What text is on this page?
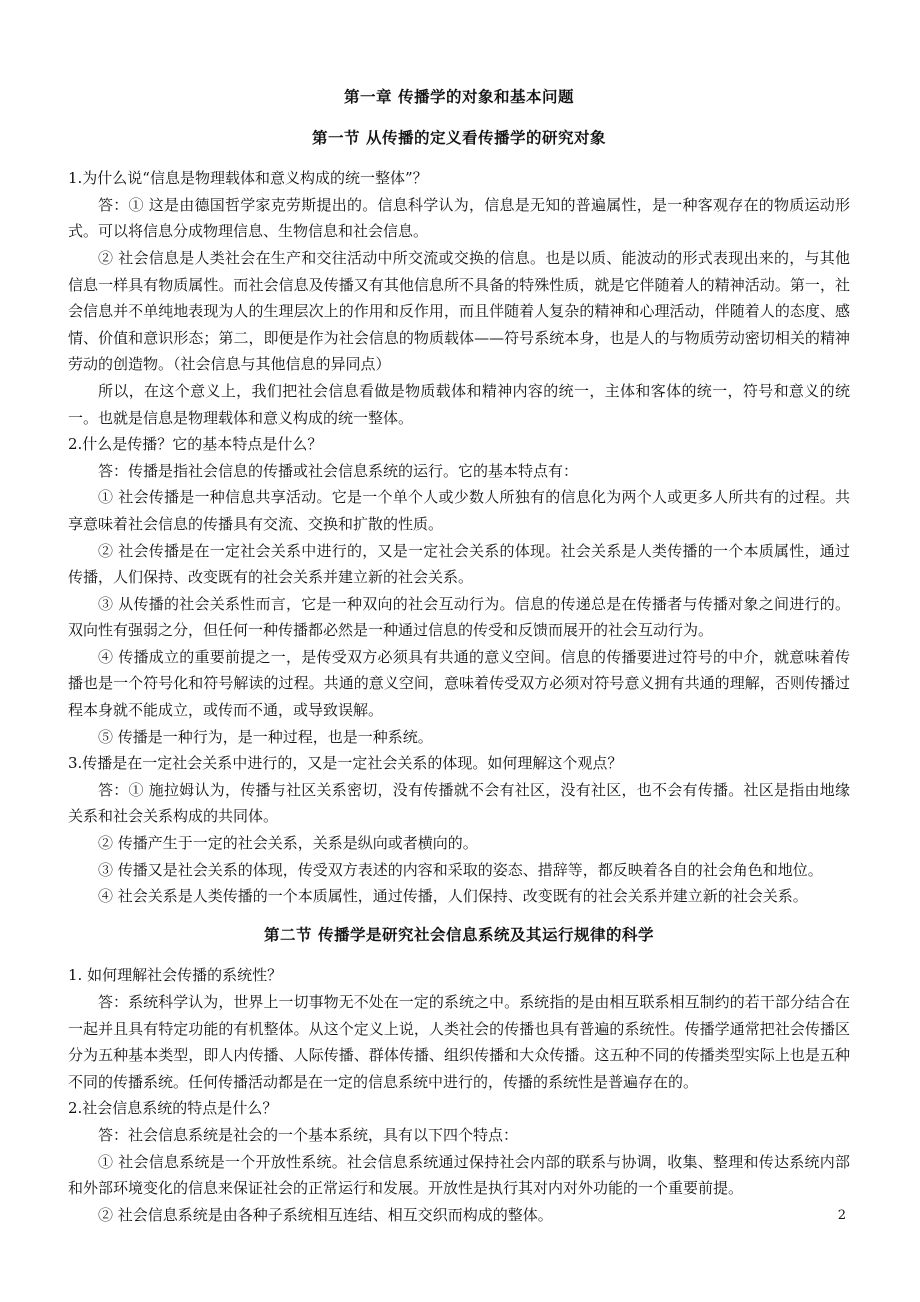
第一章 传播学的对象和基本问题
第一节 从传播的定义看传播学的研究对象

1.为什么说“信息是物理载体和意义构成的统一整体”？

答：① 这是由德国哲学家克劳斯提出的。信息科学认为，信息是无知的普遍属性，是一种客观存在的物质运动形式。可以将信息分成物理信息、生物信息和社会信息。

② 社会信息是人类社会在生产和交往活动中所交流或交换的信息。也是以质、能波动的形式表现出来的，与其他信息一样具有物质属性。而社会信息及传播又有其他信息所不具备的特殊性质，就是它伴随着人的精神活动。第一，社会信息并不单纯地表现为人的生理层次上的作用和反作用，而且伴随着人复杂的精神和心理活动，伴随着人的态度、感情、价值和意识形态；第二，即便是作为社会信息的物质载体——符号系统本身，也是人的与物质劳动密切相关的精神劳动的创造物。（社会信息与其他信息的异同点）

所以，在这个意义上，我们把社会信息看做是物质载体和精神内容的统一，主体和客体的统一，符号和意义的统一。也就是信息是物理载体和意义构成的统一整体。

2.什么是传播？它的基本特点是什么？

答：传播是指社会信息的传播或社会信息系统的运行。它的基本特点有：

① 社会传播是一种信息共享活动。它是一个单个人或少数人所独有的信息化为两个人或更多人所共有的过程。共享意味着社会信息的传播具有交流、交换和扩散的性质。

② 社会传播是在一定社会关系中进行的，又是一定社会关系的体现。社会关系是人类传播的一个本质属性，通过传播，人们保持、改变既有的社会关系并建立新的社会关系。

③ 从传播的社会关系性而言，它是一种双向的社会互动行为。信息的传递总是在传播者与传播对象之间进行的。双向性有强弱之分，但任何一种传播都必然是一种通过信息的传受和反馈而展开的社会互动行为。

④ 传播成立的重要前提之一，是传受双方必须具有共通的意义空间。信息的传播要进过符号的中介，就意味着传播也是一个符号化和符号解读的过程。共通的意义空间，意味着传受双方必须对符号意义拥有共通的理解，否则传播过程本身就不能成立，或传而不通，或导致误解。

⑤ 传播是一种行为，是一种过程，也是一种系统。

3.传播是在一定社会关系中进行的，又是一定社会关系的体现。如何理解这个观点？

答：① 施拉姆认为，传播与社区关系密切，没有传播就不会有社区，没有社区，也不会有传播。社区是指由地缘关系和社会关系构成的共同体。

② 传播产生于一定的社会关系，关系是纵向或者横向的。

③ 传播又是社会关系的体现，传受双方表述的内容和采取的姿态、措辞等，都反映着各自的社会角色和地位。

④ 社会关系是人类传播的一个本质属性，通过传播，人们保持、改变既有的社会关系并建立新的社会关系。

第二节 传播学是研究社会信息系统及其运行规律的科学

1. 如何理解社会传播的系统性？

答：系统科学认为，世界上一切事物无不处在一定的系统之中。系统指的是由相互联系相互制约的若干部分结合在一起并且具有特定功能的有机整体。从这个定义上说，人类社会的传播也具有普遍的系统性。传播学通常把社会传播区分为五种基本类型，即人内传播、人际传播、群体传播、组织传播和大众传播。这五种不同的传播类型实际上也是五种不同的传播系统。任何传播活动都是在一定的信息系统中进行的，传播的系统性是普遍存在的。

2.社会信息系统的特点是什么？

答：社会信息系统是社会的一个基本系统，具有以下四个特点：

① 社会信息系统是一个开放性系统。社会信息系统通过保持社会内部的联系与协调，收集、整理和传达系统内部和外部环境变化的信息来保证社会的正常运行和发展。开放性是执行其对内对外功能的一个重要前提。

② 社会信息系统是由各种子系统相互连结、相互交织而构成的整体。	2
